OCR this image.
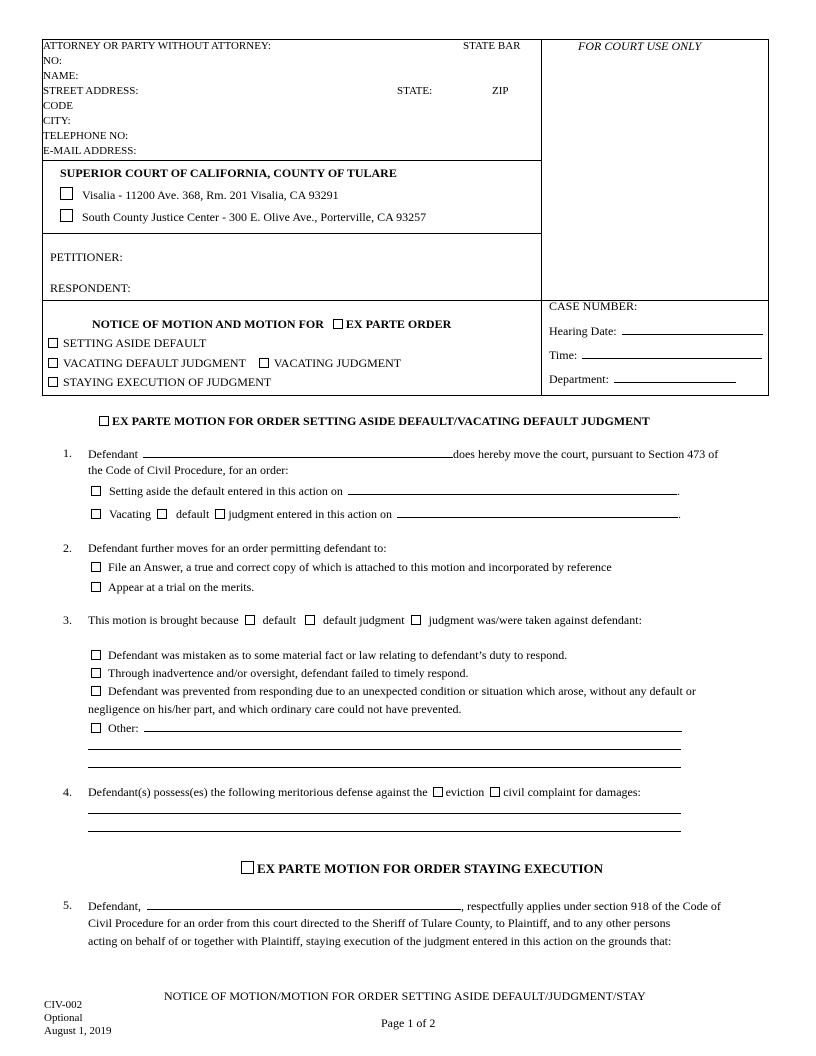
ATTORNEY OR PARTY WITHOUT ATTORNEY:	STATE BAR
NO:
NAME:
STREET ADDRESS:	STATE:	ZIP
CODE
CITY:
TELEPHONE NO:
E-MAIL ADDRESS:
FOR COURT USE ONLY
SUPERIOR COURT OF CALIFORNIA, COUNTY OF TULARE
Visalia - 11200 Ave. 368, Rm. 201 Visalia, CA 93291
South County Justice Center - 300 E. Olive Ave., Porterville, CA 93257
PETITIONER:
RESPONDENT:
NOTICE OF MOTION AND MOTION FOR EX PARTE ORDER
SETTING ASIDE DEFAULT
VACATING DEFAULT JUDGMENT VACATING JUDGMENT
STAYING EXECUTION OF JUDGMENT
CASE NUMBER:
Hearing Date:
Time:
Department:
EX PARTE MOTION FOR ORDER SETTING ASIDE DEFAULT/VACATING DEFAULT JUDGMENT
1.	Defendant	does hereby move the court, pursuant to Section 473 of
the Code of Civil Procedure, for an order:
Setting aside the default entered in this action on	.
Vacating default judgment entered in this action on	.
2.	Defendant further moves for an order permitting defendant to:
File an Answer, a true and correct copy of which is attached to this motion and incorporated by reference
Appear at a trial on the merits.
3.	This motion is brought because default default judgment judgment was/were taken against defendant:
Defendant was mistaken as to some material fact or law relating to defendant’s duty to respond.
Through inadvertence and/or oversight, defendant failed to timely respond.
Defendant was prevented from responding due to an unexpected condition or situation which arose, without any default or
negligence on his/her part, and which ordinary care could not have prevented.
Other:
4.	Defendant(s) possess(es) the following meritorious defense against the eviction civil complaint for damages:
EX PARTE MOTION FOR ORDER STAYING EXECUTION
5.	Defendant,	, respectfully applies under section 918 of the Code of
Civil Procedure for an order from this court directed to the Sheriff of Tulare County, to Plaintiff, and to any other persons
acting on behalf of or together with Plaintiff, staying execution of the judgment entered in this action on the grounds that:
NOTICE OF MOTION/MOTION FOR ORDER SETTING ASIDE DEFAULT/JUDGMENT/STAY
CIV-002
Optional	Page 1 of 2
August 1, 2019
